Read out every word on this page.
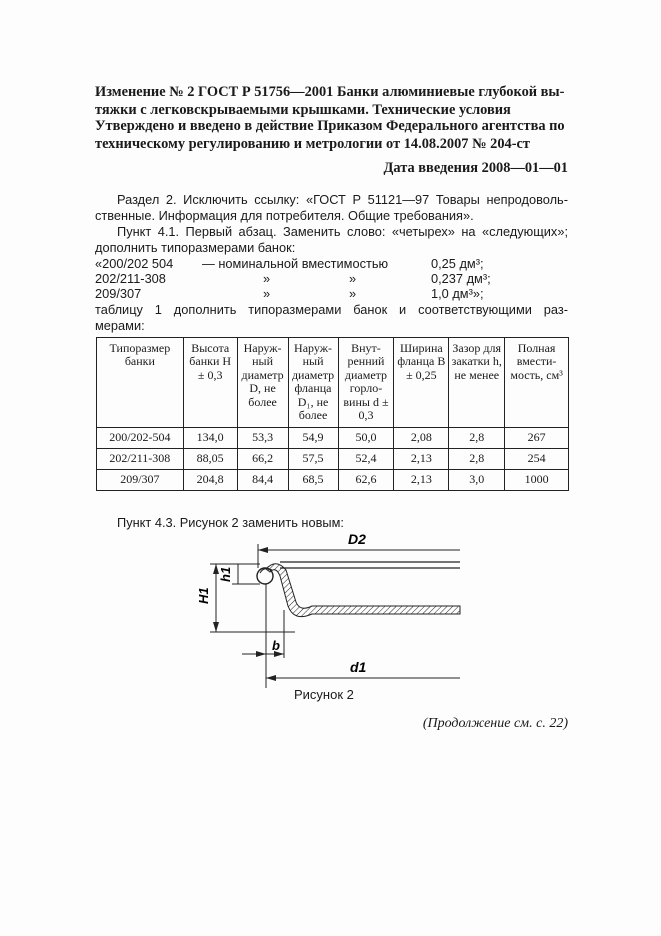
Изменение № 2 ГОСТ Р 51756—2001 Банки алюминиевые глубокой вы-
тяжки с легковскрываемыми крышками. Технические условия

Утверждено и введено в действие Приказом Федерального агентства по
техническому регулированию и метрологии от 14.08.2007 № 204-ст

Дата введения 2008—01—01
Раздел 2. Исключить ссылку: «ГОСТ Р 51121—97 Товары непродоволь-
ственные. Информация для потребителя. Общие требования».
Пункт 4.1. Первый абзац. Заменить слово: «четырех» на «следующих»;
дополнить типоразмерами банок:
«200/202 504 — номинальной вместимостью	0,25 дм³;
202/211-308	»	»	0,237 дм³;
209/307	»	»	1,0 дм³»;
таблицу 1 дополнить типоразмерами банок и соответствующими раз-
мерами:
Типоразмер банки	Высота банки H ± 0,3	Наруж-ный диаметр D, не более	Наруж-ный диаметр фланца D₁, не более	Внут-ренний диаметр горло-вины d ± 0,3	Ширина фланца B ± 0,25	Зазор для закатки h, не менее	Полная вмести-мость, см³
200/202-504	134,0	53,3	54,9	50,0	2,08	2,8	267
202/211-308	88,05	66,2	57,5	52,4	2,13	2,8	254
209/307	204,8	84,4	68,5	62,6	2,13	3,0	1000
Пункт 4.3. Рисунок 2 заменить новым:
D2
h1
H1
b
d1
Рисунок 2
(Продолжение см. с. 22)
